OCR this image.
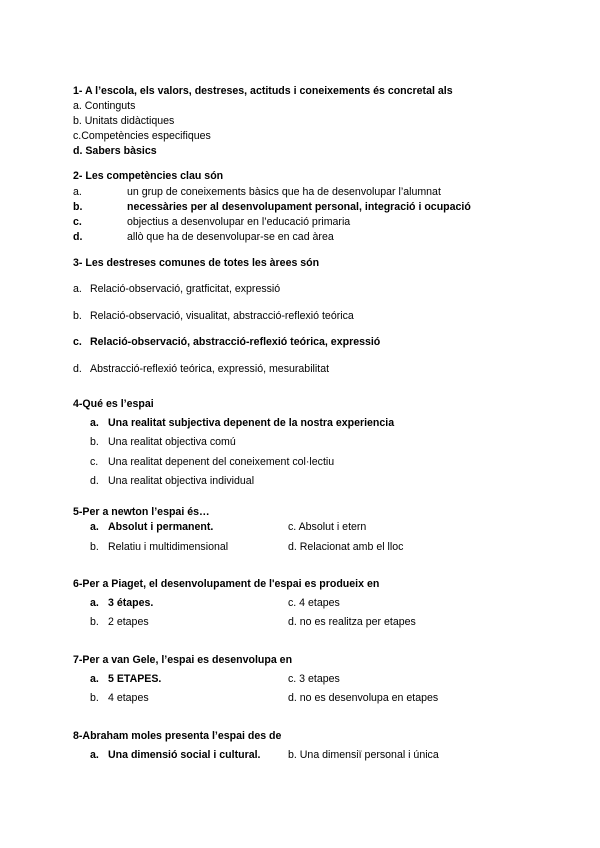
1- A l’escola, els valors, destreses, actituds i coneixements és concretal als
a. Continguts
b. Unitats didàctiques
c.Competències especifiques
d. Sabers bàsics
2- Les competències clau són
a.	un grup de coneixements bàsics que ha de desenvolupar l’alumnat
b.	necessàries per al desenvolupament personal, integració i ocupació
c.	objectius a desenvolupar en l’educació primaria
d.	allò que ha de desenvolupar-se en cad àrea
3- Les destreses comunes de totes les àrees són
a. Relació-observació, gratficitat, expressió
b. Relació-observació, visualitat, abstracció-reflexió teórica
c. Relació-observació, abstracció-reflexió teórica, expressió
d. Abstracció-reflexió teórica, expressió, mesurabilitat
4-Qué es l’espai
a. Una realitat subjectiva depenent de la nostra experiencia
b. Una realitat objectiva comú
c. Una realitat depenent del coneixement col·lectiu
d. Una realitat objectiva individual
5-Per a newton l’espai és…
a. Absolut i permanent.
b. Relatiu i multidimensional
c. Absolut i etern
d. Relacionat amb el lloc
6-Per a Piaget, el desenvolupament de l'espai es produeix en
a. 3 étapes.
b. 2 etapes
c. 4 etapes
d. no es realitza per etapes
7-Per a van Gele, l’espai es desenvolupa en
a. 5 ETAPES.
b. 4 etapes
c. 3 etapes
d. no es desenvolupa en etapes
8-Abraham moles presenta l’espai des de
a. Una dimensió social i cultural.	b. Una dimensiï personal i única
